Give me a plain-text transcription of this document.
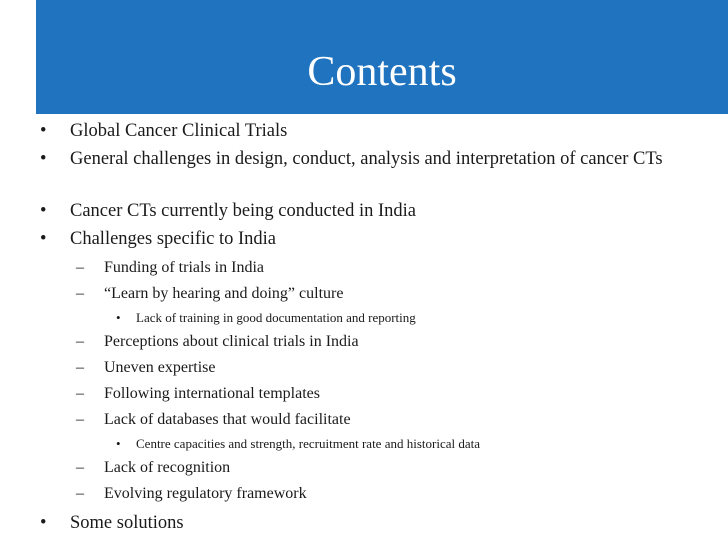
Contents
• Global Cancer Clinical Trials
• General challenges in design, conduct, analysis and interpretation of cancer CTs
• Cancer CTs currently being conducted in India
• Challenges specific to India
– Funding of trials in India
– “Learn by hearing and doing” culture
• Lack of training in good documentation and reporting
– Perceptions about clinical trials in India
– Uneven expertise
– Following international templates
– Lack of databases that would facilitate
• Centre capacities and strength, recruitment rate and historical data
– Lack of recognition
– Evolving regulatory framework
• Some solutions
